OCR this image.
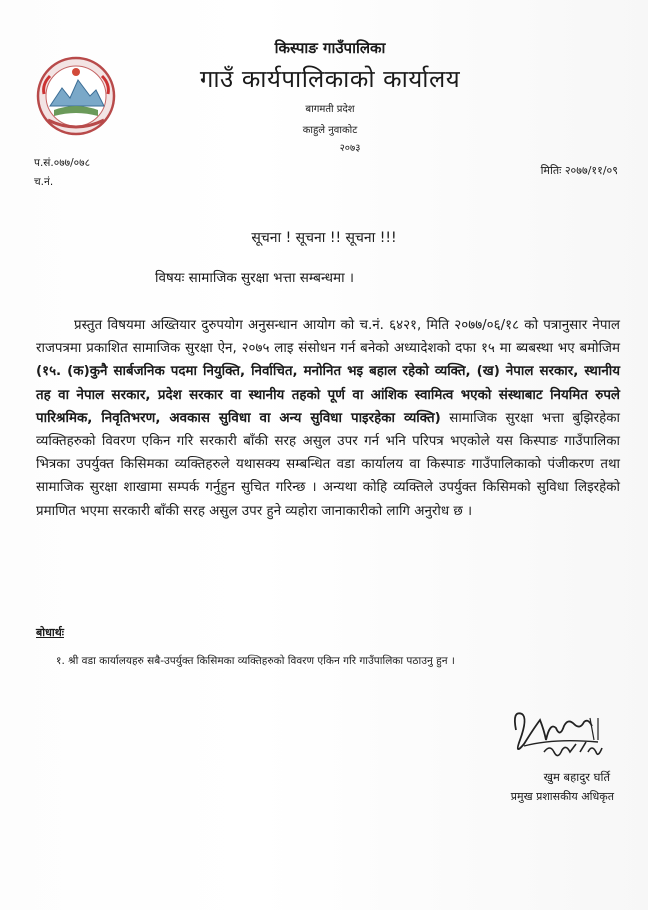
किस्पाङ गाउँपालिका
गाउँ कार्यपालिकाको कार्यालय
बागमती प्रदेश
काहुले नुवाकोट
२०७३
प.सं.०७७/०७८
च.नं.
मितिः २०७७/११/०९
सूचना ! सूचना !! सूचना !!!
विषयः सामाजिक सुरक्षा भत्ता सम्बन्धमा ।
प्रस्तुत विषयमा अख्तियार दुरुपयोग अनुसन्धान आयोग को च.नं. ६४२१, मिति २०७७/०६/१८ को पत्रानुसार नेपाल राजपत्रमा प्रकाशित सामाजिक सुरक्षा ऐन, २०७५ लाइ संसोधन गर्न बनेको अध्यादेशको दफा १५ मा ब्यबस्था भए बमोजिम (१५. (क)कुनै सार्बजनिक पदमा नियुक्ति, निर्वाचित, मनोनित भइ बहाल रहेको व्यक्ति, (ख) नेपाल सरकार, स्थानीय तह वा नेपाल सरकार, प्रदेश सरकार वा स्थानीय तहको पूर्ण वा आंशिक स्वामित्व भएको संस्थाबाट नियमित रुपले पारिश्रमिक, निवृतिभरण, अवकास सुविधा वा अन्य सुविधा पाइरहेका व्यक्ति) सामाजिक सुरक्षा भत्ता बुझिरहेका व्यक्तिहरुको विवरण एकिन गरि सरकारी बाँकी सरह असुल उपर गर्न भनि परिपत्र भएकोले यस किस्पाङ गाउँपालिका भित्रका उपर्युक्त किसिमका व्यक्तिहरुले यथासक्य सम्बन्धित वडा कार्यालय वा किस्पाङ गाउँपालिकाको पंजीकरण तथा सामाजिक सुरक्षा शाखामा सम्पर्क गर्नुहुन सुचित गरिन्छ । अन्यथा कोहि व्यक्तिले उपर्युक्त किसिमको सुविधा लिइरहेको प्रमाणित भएमा सरकारी बाँकी सरह असुल उपर हुने व्यहोरा जानाकारीको लागि अनुरोध छ ।
बोधार्थः
१. श्री वडा कार्यालयहरु सबै-उपर्युक्त किसिमका व्यक्तिहरुको विवरण एकिन गरि गाउँपालिका पठाउनु हुन ।
खुम बहादुर घर्ति
प्रमुख प्रशासकीय अधिकृत
